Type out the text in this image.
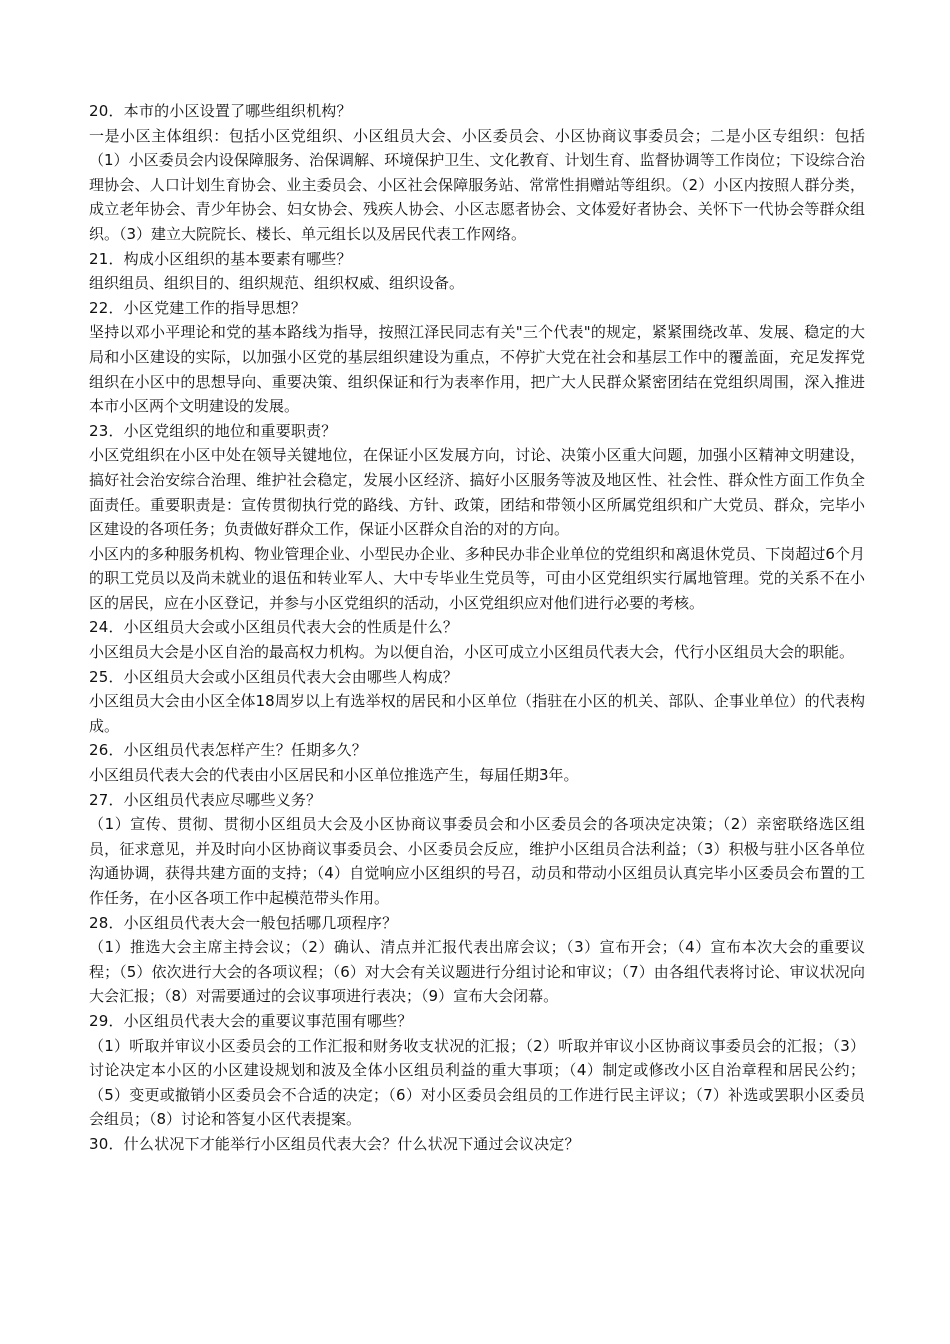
20．本市的小区设置了哪些组织机构？

一是小区主体组织：包括小区党组织、小区组员大会、小区委员会、小区协商议事委员会；二是小区专组织：包括（1）小区委员会内设保障服务、治保调解、环境保护卫生、文化教育、计划生育、监督协调等工作岗位；下设综合治理协会、人口计划生育协会、业主委员会、小区社会保障服务站、常常性捐赠站等组织。（2）小区内按照人群分类，成立老年协会、青少年协会、妇女协会、残疾人协会、小区志愿者协会、文体爱好者协会、关怀下一代协会等群众组织。（3）建立大院院长、楼长、单元组长以及居民代表工作网络。

21．构成小区组织的基本要素有哪些？

组织组员、组织目的、组织规范、组织权威、组织设备。

22．小区党建工作的指导思想？

坚持以邓小平理论和党的基本路线为指导，按照江泽民同志有关"三个代表"的规定，紧紧围绕改革、发展、稳定的大局和小区建设的实际，以加强小区党的基层组织建设为重点，不停扩大党在社会和基层工作中的覆盖面，充足发挥党组织在小区中的思想导向、重要决策、组织保证和行为表率作用，把广大人民群众紧密团结在党组织周围，深入推进本市小区两个文明建设的发展。

23．小区党组织的地位和重要职责？

小区党组织在小区中处在领导关键地位，在保证小区发展方向，讨论、决策小区重大问题，加强小区精神文明建设，搞好社会治安综合治理、维护社会稳定，发展小区经济、搞好小区服务等波及地区性、社会性、群众性方面工作负全面责任。重要职责是：宣传贯彻执行党的路线、方针、政策，团结和带领小区所属党组织和广大党员、群众，完毕小区建设的各项任务；负责做好群众工作，保证小区群众自治的对的方向。

小区内的多种服务机构、物业管理企业、小型民办企业、多种民办非企业单位的党组织和离退休党员、下岗超过6个月的职工党员以及尚未就业的退伍和转业军人、大中专毕业生党员等，可由小区党组织实行属地管理。党的关系不在小区的居民，应在小区登记，并参与小区党组织的活动，小区党组织应对他们进行必要的考核。

24．小区组员大会或小区组员代表大会的性质是什么？

小区组员大会是小区自治的最高权力机构。为以便自治，小区可成立小区组员代表大会，代行小区组员大会的职能。

25．小区组员大会或小区组员代表大会由哪些人构成？

小区组员大会由小区全体18周岁以上有选举权的居民和小区单位（指驻在小区的机关、部队、企事业单位）的代表构成。

26．小区组员代表怎样产生？任期多久？

小区组员代表大会的代表由小区居民和小区单位推选产生，每届任期3年。

27．小区组员代表应尽哪些义务？

（1）宣传、贯彻、贯彻小区组员大会及小区协商议事委员会和小区委员会的各项决定决策；（2）亲密联络选区组员，征求意见，并及时向小区协商议事委员会、小区委员会反应，维护小区组员合法利益；（3）积极与驻小区各单位沟通协调，获得共建方面的支持；（4）自觉响应小区组织的号召，动员和带动小区组员认真完毕小区委员会布置的工作任务，在小区各项工作中起模范带头作用。

28．小区组员代表大会一般包括哪几项程序？

（1）推选大会主席主持会议；（2）确认、清点并汇报代表出席会议；（3）宣布开会；（4）宣布本次大会的重要议程；（5）依次进行大会的各项议程；（6）对大会有关议题进行分组讨论和审议；（7）由各组代表将讨论、审议状况向大会汇报；（8）对需要通过的会议事项进行表决；（9）宣布大会闭幕。

29．小区组员代表大会的重要议事范围有哪些？

（1）听取并审议小区委员会的工作汇报和财务收支状况的汇报；（2）听取并审议小区协商议事委员会的汇报；（3）讨论决定本小区的小区建设规划和波及全体小区组员利益的重大事项；（4）制定或修改小区自治章程和居民公约；（5）变更或撤销小区委员会不合适的决定；（6）对小区委员会组员的工作进行民主评议；（7）补选或罢职小区委员会组员；（8）讨论和答复小区代表提案。

30．什么状况下才能举行小区组员代表大会？什么状况下通过会议决定？
